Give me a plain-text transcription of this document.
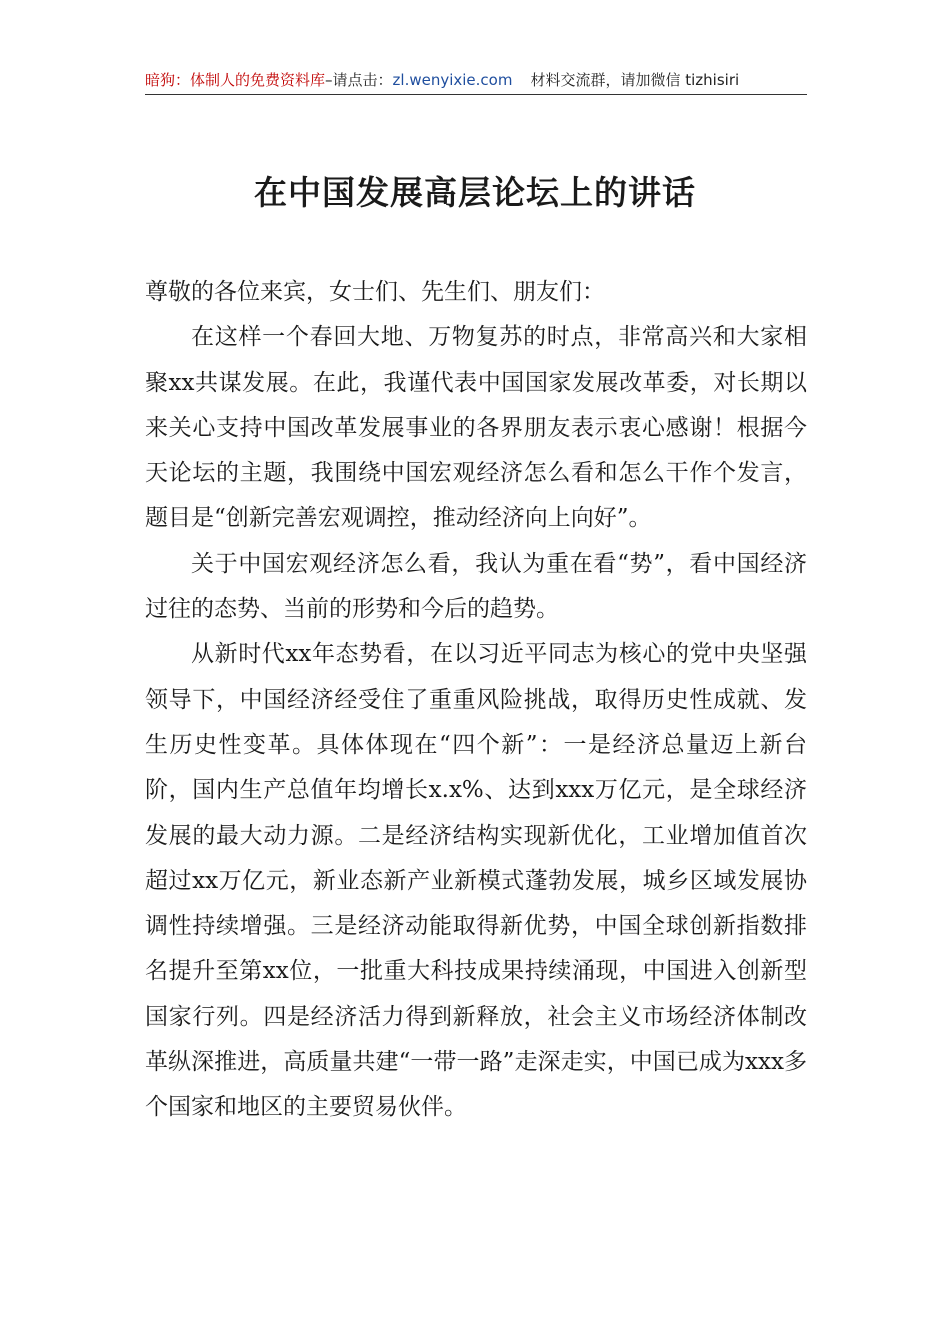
暗狗：体制人的免费资料库–请点击：zl.wenyixie.com 材料交流群，请加微信 tizhisiri
在中国发展高层论坛上的讲话

尊敬的各位来宾，女士们、先生们、朋友们：

在这样一个春回大地、万物复苏的时点，非常高兴和大家相聚xx共谋发展。在此，我谨代表中国国家发展改革委，对长期以来关心支持中国改革发展事业的各界朋友表示衷心感谢！根据今天论坛的主题，我围绕中国宏观经济怎么看和怎么干作个发言，题目是“创新完善宏观调控，推动经济向上向好”。

关于中国宏观经济怎么看，我认为重在看“势”，看中国经济过往的态势、当前的形势和今后的趋势。

从新时代xx年态势看，在以习近平同志为核心的党中央坚强领导下，中国经济经受住了重重风险挑战，取得历史性成就、发生历史性变革。具体体现在“四个新”：一是经济总量迈上新台阶，国内生产总值年均增长x.x%、达到xxx万亿元，是全球经济发展的最大动力源。二是经济结构实现新优化，工业增加值首次超过xx万亿元，新业态新产业新模式蓬勃发展，城乡区域发展协调性持续增强。三是经济动能取得新优势，中国全球创新指数排名提升至第xx位，一批重大科技成果持续涌现，中国进入创新型国家行列。四是经济活力得到新释放，社会主义市场经济体制改革纵深推进，高质量共建“一带一路”走深走实，中国已成为xxx多个国家和地区的主要贸易伙伴。
